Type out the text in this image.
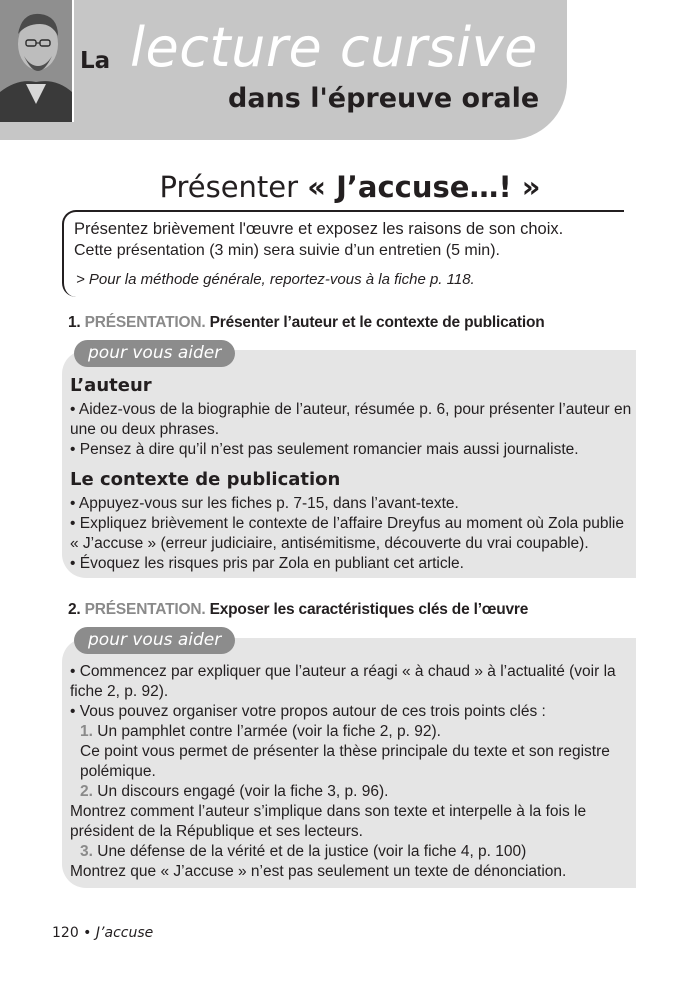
La lecture cursive
dans l'épreuve orale
Présenter « J’accuse…! »
Présentez brièvement l'œuvre et exposez les raisons de son choix.
Cette présentation (3 min) sera suivie d’un entretien (5 min).
> Pour la méthode générale, reportez-vous à la fiche p. 118.
1. PRÉSENTATION. Présenter l’auteur et le contexte de publication
pour vous aider
L’auteur

• Aidez-vous de la biographie de l’auteur, résumée p. 6, pour présenter l’auteur en une ou deux phrases.

• Pensez à dire qu’il n’est pas seulement romancier mais aussi journaliste.

Le contexte de publication

• Appuyez-vous sur les fiches p. 7-15, dans l’avant-texte.

• Expliquez brièvement le contexte de l’affaire Dreyfus au moment où Zola publie « J’accuse » (erreur judiciaire, antisémitisme, découverte du vrai coupable).

• Évoquez les risques pris par Zola en publiant cet article.

2. PRÉSENTATION. Exposer les caractéristiques clés de l’œuvre
pour vous aider

• Commencez par expliquer que l’auteur a réagi « à chaud » à l’actualité (voir la fiche 2, p. 92).

• Vous pouvez organiser votre propos autour de ces trois points clés :

1. Un pamphlet contre l’armée (voir la fiche 2, p. 92).

Ce point vous permet de présenter la thèse principale du texte et son registre polémique.

2. Un discours engagé (voir la fiche 3, p. 96).

Montrez comment l’auteur s’implique dans son texte et interpelle à la fois le président de la République et ses lecteurs.

3. Une défense de la vérité et de la justice (voir la fiche 4, p. 100)

Montrez que « J’accuse » n’est pas seulement un texte de dénonciation.

120 • J’accuse
